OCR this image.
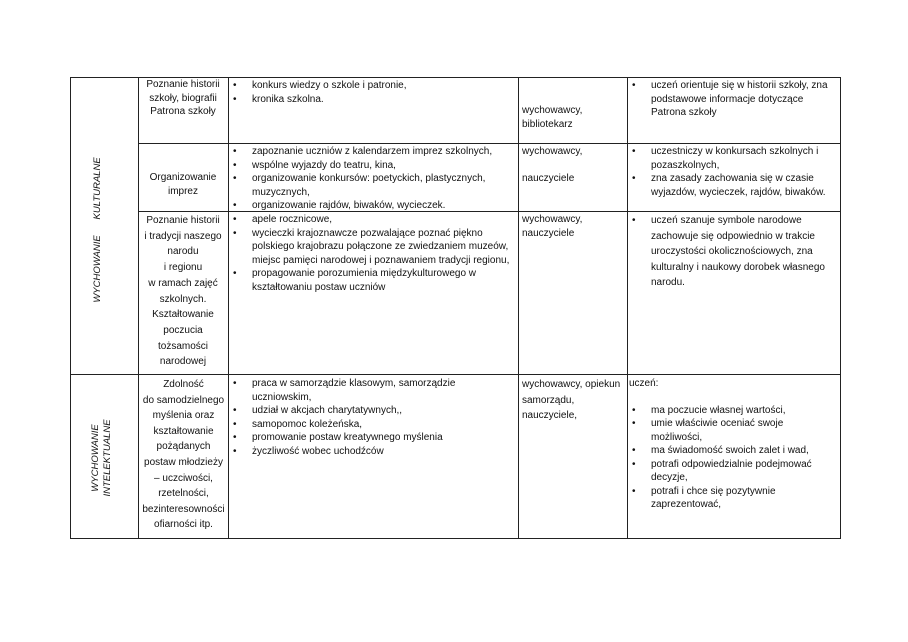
WYCHOWANIE      KULTURALNE
Poznanie historii
szkoły, biografii
Patrona szkoły
• konkurs wiedzy o szkole i patronie,
• kronika szkolna.
wychowawcy,
bibliotekarz
• uczeń orientuje się w historii szkoły, zna podstawowe informacje dotyczące Patrona szkoły
Organizowanie
imprez
• zapoznanie uczniów z kalendarzem imprez szkolnych,
• wspólne wyjazdy do teatru, kina,
• organizowanie konkursów: poetyckich, plastycznych, muzycznych,
• organizowanie rajdów, biwaków, wycieczek.
wychowawcy,

nauczyciele
• uczestniczy w konkursach szkolnych i pozaszkolnych,
• zna zasady zachowania się w czasie wyjazdów, wycieczek, rajdów, biwaków.
Poznanie historii
i tradycji naszego
narodu
i regionu
w ramach zajęć
szkolnych.
Kształtowanie
poczucia
tożsamości
narodowej
• apele rocznicowe,
• wycieczki krajoznawcze pozwalające poznać piękno polskiego krajobrazu połączone ze zwiedzaniem muzeów, miejsc pamięci narodowej i poznawaniem tradycji regionu,
• propagowanie porozumienia międzykulturowego w kształtowaniu postaw uczniów
wychowawcy,
nauczyciele
• uczeń szanuje symbole narodowe zachowuje się odpowiednio w trakcie uroczystości okolicznościowych, zna kulturalny i naukowy dorobek własnego narodu.
WYCHOWANIE
INTELEKTUALNE
Zdolność
do samodzielnego
myślenia oraz
kształtowanie
pożądanych
postaw młodzieży
– uczciwości,
rzetelności,
bezinteresowności
ofiarności itp.
• praca w samorządzie klasowym, samorządzie uczniowskim,
• udział w akcjach charytatywnych,,
• samopomoc koleżeńska,
• promowanie postaw kreatywnego myślenia
• życzliwość wobec uchodźców
wychowawcy, opiekun
samorządu,
nauczyciele,
uczeń:
• ma poczucie własnej wartości,
• umie właściwie oceniać swoje możliwości,
• ma świadomość swoich zalet i wad,
• potrafi odpowiedzialnie podejmować decyzje,
• potrafi i chce się pozytywnie zaprezentować,
